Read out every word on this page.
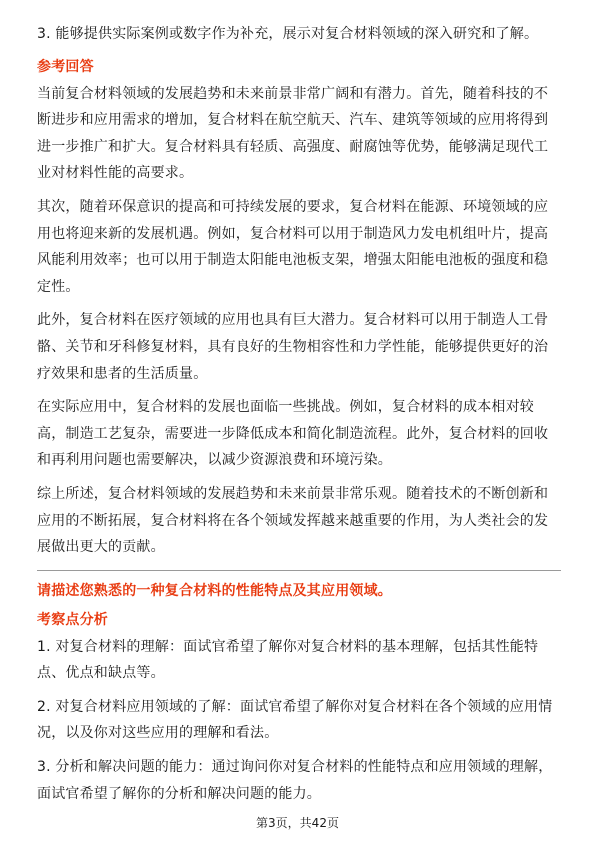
3. 能够提供实际案例或数字作为补充，展示对复合材料领域的深入研究和了解。

参考回答

当前复合材料领域的发展趋势和未来前景非常广阔和有潜力。首先，随着科技的不断进步和应用需求的增加，复合材料在航空航天、汽车、建筑等领域的应用将得到进一步推广和扩大。复合材料具有轻质、高强度、耐腐蚀等优势，能够满足现代工业对材料性能的高要求。

其次，随着环保意识的提高和可持续发展的要求，复合材料在能源、环境领域的应用也将迎来新的发展机遇。例如，复合材料可以用于制造风力发电机组叶片，提高风能利用效率；也可以用于制造太阳能电池板支架，增强太阳能电池板的强度和稳定性。

此外，复合材料在医疗领域的应用也具有巨大潜力。复合材料可以用于制造人工骨骼、关节和牙科修复材料，具有良好的生物相容性和力学性能，能够提供更好的治疗效果和患者的生活质量。

在实际应用中，复合材料的发展也面临一些挑战。例如，复合材料的成本相对较高，制造工艺复杂，需要进一步降低成本和简化制造流程。此外，复合材料的回收和再利用问题也需要解决，以减少资源浪费和环境污染。

综上所述，复合材料领域的发展趋势和未来前景非常乐观。随着技术的不断创新和应用的不断拓展，复合材料将在各个领域发挥越来越重要的作用，为人类社会的发展做出更大的贡献。

请描述您熟悉的一种复合材料的性能特点及其应用领域。
考察点分析

1. 对复合材料的理解：面试官希望了解你对复合材料的基本理解，包括其性能特点、优点和缺点等。

2. 对复合材料应用领域的了解：面试官希望了解你对复合材料在各个领域的应用情况，以及你对这些应用的理解和看法。

3. 分析和解决问题的能力：通过询问你对复合材料的性能特点和应用领域的理解，面试官希望了解你的分析和解决问题的能力。

第3页，共42页
